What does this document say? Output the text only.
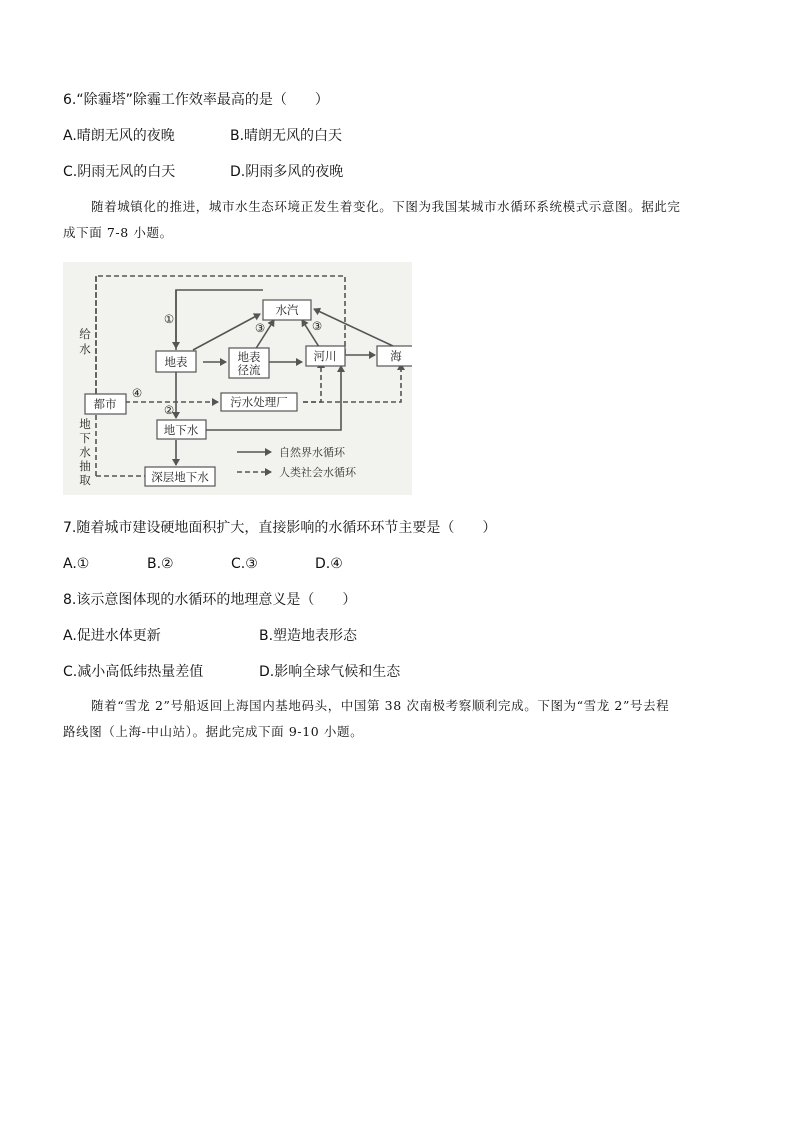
6.“除霾塔”除霾工作效率最高的是（　　）
A.晴朗无风的夜晚	B.晴朗无风的白天
C.阴雨无风的白天	D.阴雨多风的夜晚
随着城镇化的推进，城市水生态环境正发生着变化。下图为我国某城市水循环系统模式示意图。据此完
成下面 7-8 小题。
水汽
地表	地表
径流
河川	海
都市	污水处理厂
地下水
深层地下水
给
水
地
下
水
抽
取
①
②
③	③
④
自然界水循环
人类社会水循环
7.随着城市建设硬地面积扩大，直接影响的水循环环节主要是（　　）
A.①	B.②	C.③	D.④
8.该示意图体现的水循环的地理意义是（　　）
A.促进水体更新	B.塑造地表形态
C.减小高低纬热量差值	D.影响全球气候和生态
随着“雪龙 2”号船返回上海国内基地码头，中国第 38 次南极考察顺利完成。下图为“雪龙 2”号去程
路线图（上海-中山站）。据此完成下面 9-10 小题。
